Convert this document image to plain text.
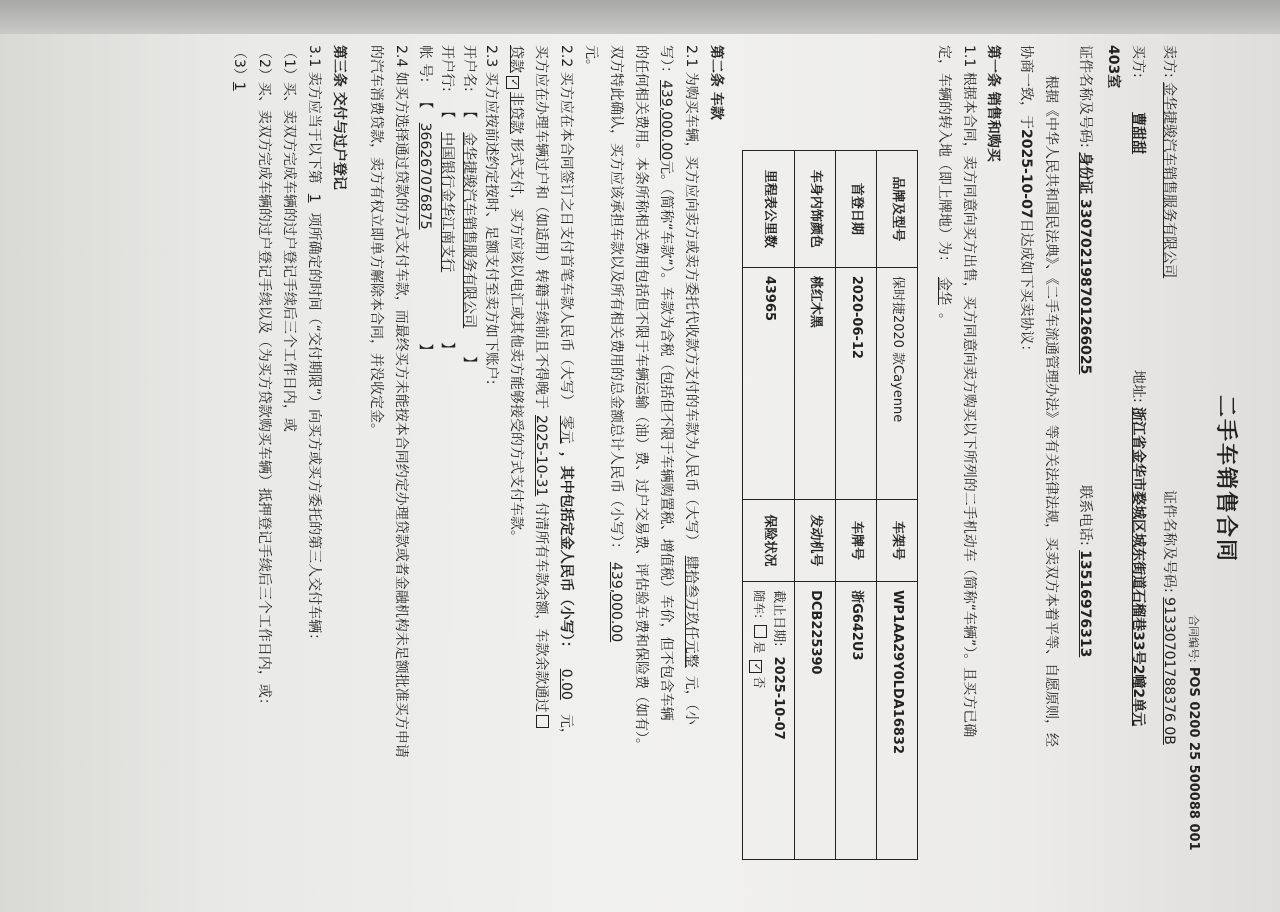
二手车销售合同
合同编号: POS 0200 25 500088 001
卖方: 金华捷骏汽车销售服务有限公司
证件名称及号码: 91330701788376 0B
买方: 曹甜甜
地址: 浙江省金华市婺城区城东街道石榴巷33号2幢2单元
403室
证件名称及号码: 身份证 330702198701266025
联系电话: 13516976313
根据《中华人民共和国民法典》、《二手车流通管理办法》等有关法律法规，买卖双方本着平等、自愿原则，经
协商一致，于2025-10-07日达成如下买卖协议：
第一条 销售和购买
1.1 根据本合同，卖方同意向买方出售，买方同意向卖方购买以下所列的二手机动车（简称“车辆”）。且买方已确
定，车辆的转入地（即上牌地）为：金华。
品牌及型号	保时捷2020 款Cayenne	车架号	WP1AA29Y0LDA16832
首登日期	2020-06-12	车牌号	浙G642U3
车身内饰颜色	桃红木黑	发动机号	DCB225390
里程表公里数	43965	保险状况	截止日期: 2025-10-07
随车: 是 ✓否
第二条 车款
2.1 为购买车辆，买方应向卖方或卖方委托代收款方支付的车款为人民币（大写）肆拾叁万玖仟元整元，（小
写）：439,000.00元。（简称“车款”）。车款为含税（包括但不限于车辆购置税、增值税）车价，但不包含车辆
的任何相关费用。本条所称相关费用包括但不限于车辆运输（油）费、过户交易费、评估验车费和保险费（如有）。
双方特此确认，买方应该承担车款以及所有相关费用的总金额总计人民币（小写）：439,000.00
元。
2.2 买方应在本合同签订之日支付首笔车款人民币（大写）零元，其中包括定金人民币（小写）：0.00元，
买方应在办理车辆过户和（如适用）转籍手续前且不得晚于2025-10-31付清所有车款余额，车款余款通过
贷款✓非贷款形式支付，买方应该以电汇或其他卖方能够接受的方式支付车款。
2.3 买方应按前述约定按时、足额支付至卖方如下账户:
开户名: 【金华捷骏汽车销售服务有限公司】
开户行: 【中国银行金华江南支行】
帐 号: 【366267076875】
2.4 如买方选择通过贷款的方式支付车款，而最终买方未能按本合同约定办理贷款或者金融机构未足额批准买方申请
的汽车消费贷款，卖方有权立即单方解除本合同，并没收定金。
第三条 交付与过户登记
3.1 卖方应当于以下第1项所确定的时间（“交付期限”）向买方或买方委托的第三人交付车辆：
（1）买、卖双方完成车辆的过户登记手续后三个工作日内，或
（2）买、卖双方完成车辆的过户登记手续以及（为买方贷款购买车辆）抵押登记手续后三个工作日内，或：
（3）1
